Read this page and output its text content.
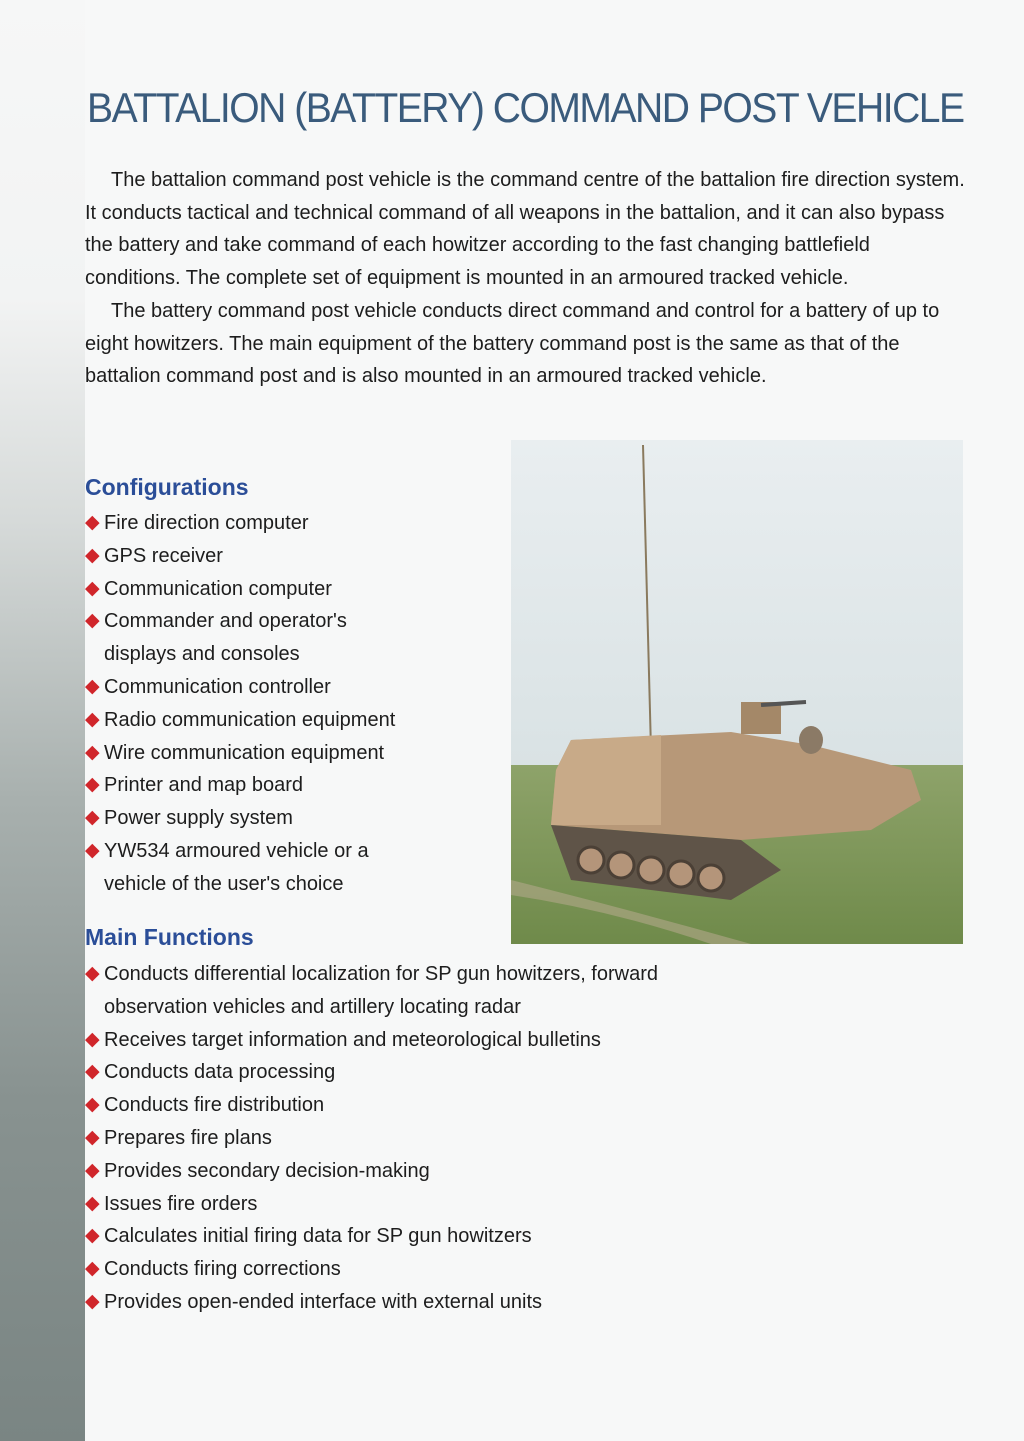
BATTALION (BATTERY) COMMAND POST VEHICLE

The battalion command post vehicle is the command centre of the battalion fire direction system. It conducts tactical and technical command of all weapons in the battalion, and it can also bypass the battery and take command of each howitzer according to the fast changing battlefield conditions. The complete set of equipment is mounted in an armoured tracked vehicle.

The battery command post vehicle conducts direct command and control for a battery of up to eight howitzers. The main equipment of the battery command post is the same as that of the battalion command post and is also mounted in an armoured tracked vehicle.

Configurations
◆ Fire direction computer
◆ GPS receiver
◆ Communication computer
◆ Commander and operator's displays and consoles
◆ Communication controller
◆ Radio communication equipment
◆ Wire communication equipment
◆ Printer and map board
◆ Power supply system
◆ YW534 armoured vehicle or a vehicle of the user's choice
Main Functions
◆ Conducts differential localization for SP gun howitzers, forward observation vehicles and artillery locating radar
◆ Receives target information and meteorological bulletins
◆ Conducts data processing
◆ Conducts fire distribution
◆ Prepares fire plans
◆ Provides secondary decision-making
◆ Issues fire orders
◆ Calculates initial firing data for SP gun howitzers
◆ Conducts firing corrections
◆ Provides open-ended interface with external units
